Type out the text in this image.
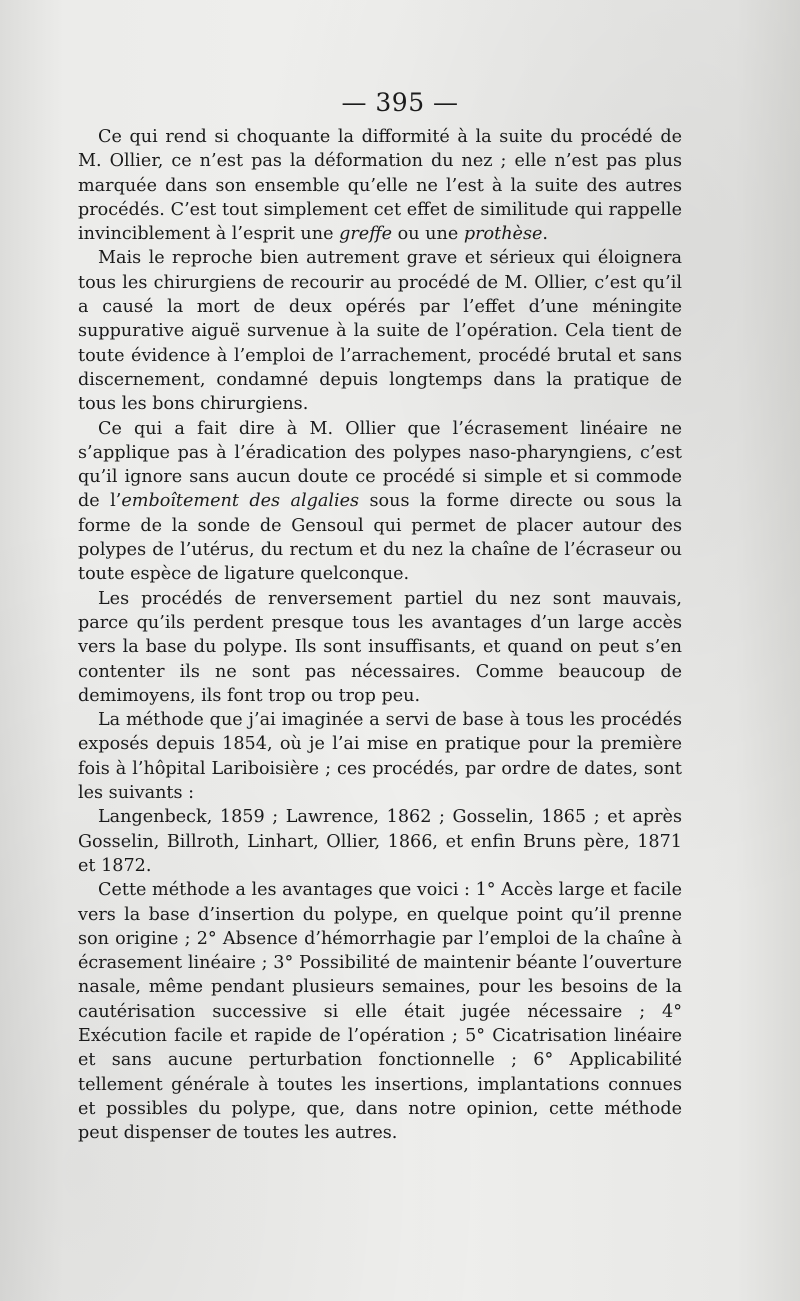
— 395 —

Ce qui rend si choquante la difformité à la suite du procédé de M. Ollier, ce n’est pas la déformation du nez ; elle n’est pas plus marquée dans son ensemble qu’elle ne l’est à la suite des autres procédés. C’est tout simplement cet effet de similitude qui rappelle invinciblement à l’esprit une greffe ou une prothèse.

Mais le reproche bien autrement grave et sérieux qui éloignera tous les chirurgiens de recourir au procédé de M. Ollier, c’est qu’il a causé la mort de deux opérés par l’effet d’une méningite suppurative aiguë survenue à la suite de l’opération. Cela tient de toute évidence à l’emploi de l’arrachement, procédé brutal et sans discernement, condamné depuis longtemps dans la pratique de tous les bons chirurgiens.

Ce qui a fait dire à M. Ollier que l’écrasement linéaire ne s’applique pas à l’éradication des polypes naso-pharyngiens, c’est qu’il ignore sans aucun doute ce procédé si simple et si commode de l’emboîtement des algalies sous la forme directe ou sous la forme de la sonde de Gensoul qui permet de placer autour des polypes de l’utérus, du rectum et du nez la chaîne de l’écraseur ou toute espèce de ligature quelconque.

Les procédés de renversement partiel du nez sont mauvais, parce qu’ils perdent presque tous les avantages d’un large accès vers la base du polype. Ils sont insuffisants, et quand on peut s’en contenter ils ne sont pas nécessaires. Comme beaucoup de demimoyens, ils font trop ou trop peu.

La méthode que j’ai imaginée a servi de base à tous les procédés exposés depuis 1854, où je l’ai mise en pratique pour la première fois à l’hôpital Lariboisière ; ces procédés, par ordre de dates, sont les suivants :

Langenbeck, 1859 ; Lawrence, 1862 ; Gosselin, 1865 ; et après Gosselin, Billroth, Linhart, Ollier, 1866, et enfin Bruns père, 1871 et 1872.

Cette méthode a les avantages que voici : 1° Accès large et facile vers la base d’insertion du polype, en quelque point qu’il prenne son origine ; 2° Absence d’hémorrhagie par l’emploi de la chaîne à écrasement linéaire ; 3° Possibilité de maintenir béante l’ouverture nasale, même pendant plusieurs semaines, pour les besoins de la cautérisation successive si elle était jugée nécessaire ; 4° Exécution facile et rapide de l’opération ; 5° Cicatrisation linéaire et sans aucune perturbation fonctionnelle ; 6° Applicabilité tellement générale à toutes les insertions, implantations connues et possibles du polype, que, dans notre opinion, cette méthode peut dispenser de toutes les autres.
